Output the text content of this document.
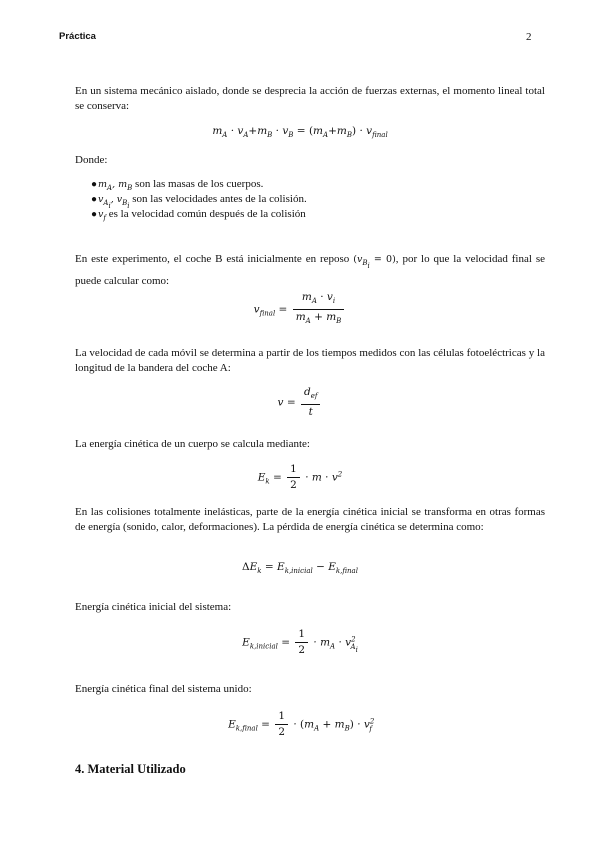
Práctica	2
En un sistema mecánico aislado, donde se desprecia la acción de fuerzas externas, el momento lineal total se conserva:
$m_A \cdot v_A+m_B \cdot v_B = (m_A+m_B) \cdot v_{final}$
Donde:
● $m_A$, $m_B$ son las masas de los cuerpos.
● $v_{A_i}$, $v_{B_i}$ son las velocidades antes de la colisión.
● $v_f$ es la velocidad común después de la colisión
En este experimento, el coche B está inicialmente en reposo $(v_{B_i} = 0)$, por lo que la velocidad final se puede calcular como:
$v_{final} = \frac{m_A \cdot v_i}{m_A + m_B}$
La velocidad de cada móvil se determina a partir de los tiempos medidos con las células fotoeléctricas y la longitud de la bandera del coche A:
$v = \frac{d_{ef}}{t}$
La energía cinética de un cuerpo se calcula mediante:
$E_k = \frac{1}{2} \cdot m \cdot v^2$
En las colisiones totalmente inelásticas, parte de la energía cinética inicial se transforma en otras formas de energía (sonido, calor, deformaciones). La pérdida de energía cinética se determina como:
$\Delta E_k = E_{k,inicial} - E_{k,final}$
Energía cinética inicial del sistema:
$E_{k,inicial} = \frac{1}{2} \cdot m_A \cdot v^2_{A_i}$
Energía cinética final del sistema unido:
$E_{k,final} = \frac{1}{2} \cdot (m_A + m_B) \cdot v^2_f$
4. Material Utilizado
